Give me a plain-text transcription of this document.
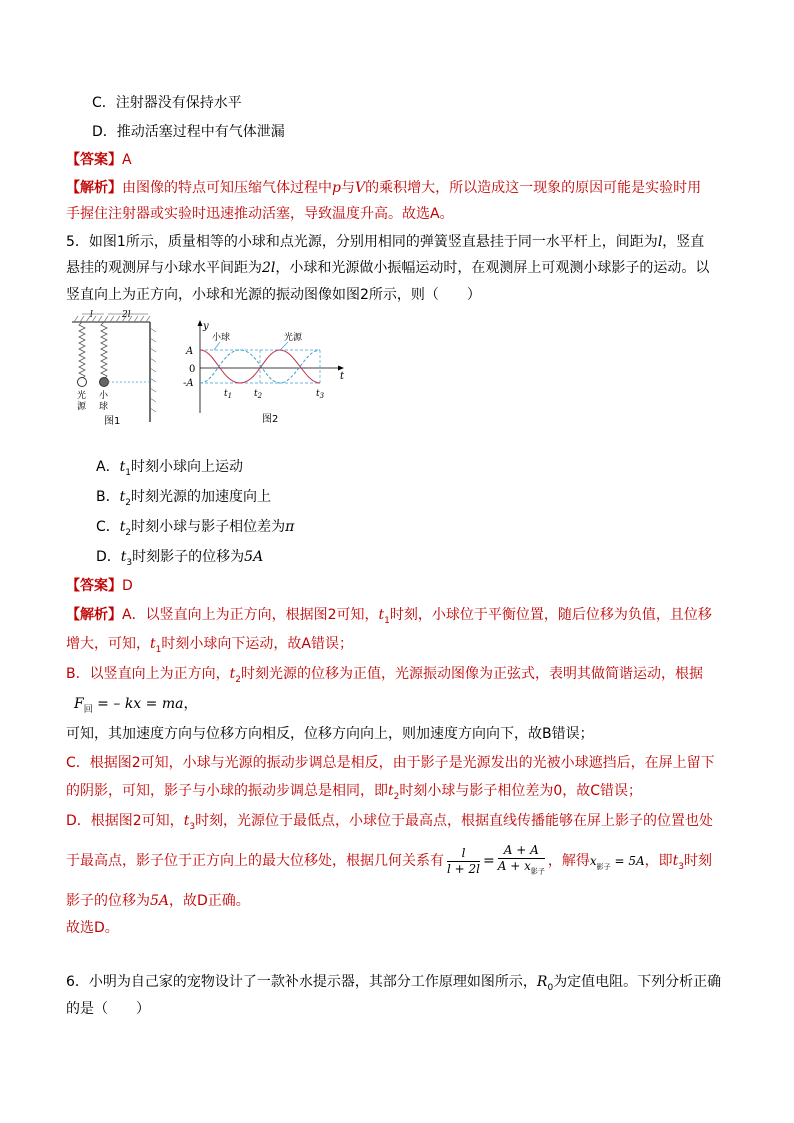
C．注射器没有保持水平
D．推动活塞过程中有气体泄漏
【答案】A
【解析】由图像的特点可知压缩气体过程中p与V的乘积增大，所以造成这一现象的原因可能是实验时用
手握住注射器或实验时迅速推动活塞，导致温度升高。故选A。
5．如图1所示，质量相等的小球和点光源，分别用相同的弹簧竖直悬挂于同一水平杆上，间距为l，竖直
悬挂的观测屏与小球水平间距为2l，小球和光源做小振幅运动时，在观测屏上可观测小球影子的运动。以
竖直向上为正方向，小球和光源的振动图像如图2所示，则（　　）
l	2l
光
源
小
球
图1
y
t
A
0
-A
小球	光源
$t_1$ $t_2$	$t_3$
图2
A．$t_1$时刻小球向上运动
B．$t_2$时刻光源的加速度向上
C．$t_2$时刻小球与影子相位差为π
D．$t_3$时刻影子的位移为5A
【答案】D
【解析】A．以竖直向上为正方向，根据图2可知，$t_1$时刻，小球位于平衡位置，随后位移为负值，且位移
增大，可知，$t_1$时刻小球向下运动，故A错误；
B．以竖直向上为正方向，$t_2$时刻光源的位移为正值，光源振动图像为正弦式，表明其做简谐运动，根据
$F_回$ = – kx = ma，
可知，其加速度方向与位移方向相反，位移方向向上，则加速度方向向下，故B错误；
C．根据图2可知，小球与光源的振动步调总是相反，由于影子是光源发出的光被小球遮挡后，在屏上留下
的阴影，可知，影子与小球的振动步调总是相同，即$t_2$时刻小球与影子相位差为0，故C错误；
D．根据图2可知，$t_3$时刻，光源位于最低点，小球位于最高点，根据直线传播能够在屏上影子的位置也处
于最高点，影子位于正方向上的最大位移处，根据几何关系有 $\frac{l}{l + 2l} = \frac{A + A}{A + x_{影子}}$ ，解得$x_{影子} = 5A$，即$t_3$时刻
影子的位移为5A，故D正确。
故选D。
6．小明为自己家的宠物设计了一款补水提示器，其部分工作原理如图所示，$R_0$为定值电阻。下列分析正确
的是（　　）
